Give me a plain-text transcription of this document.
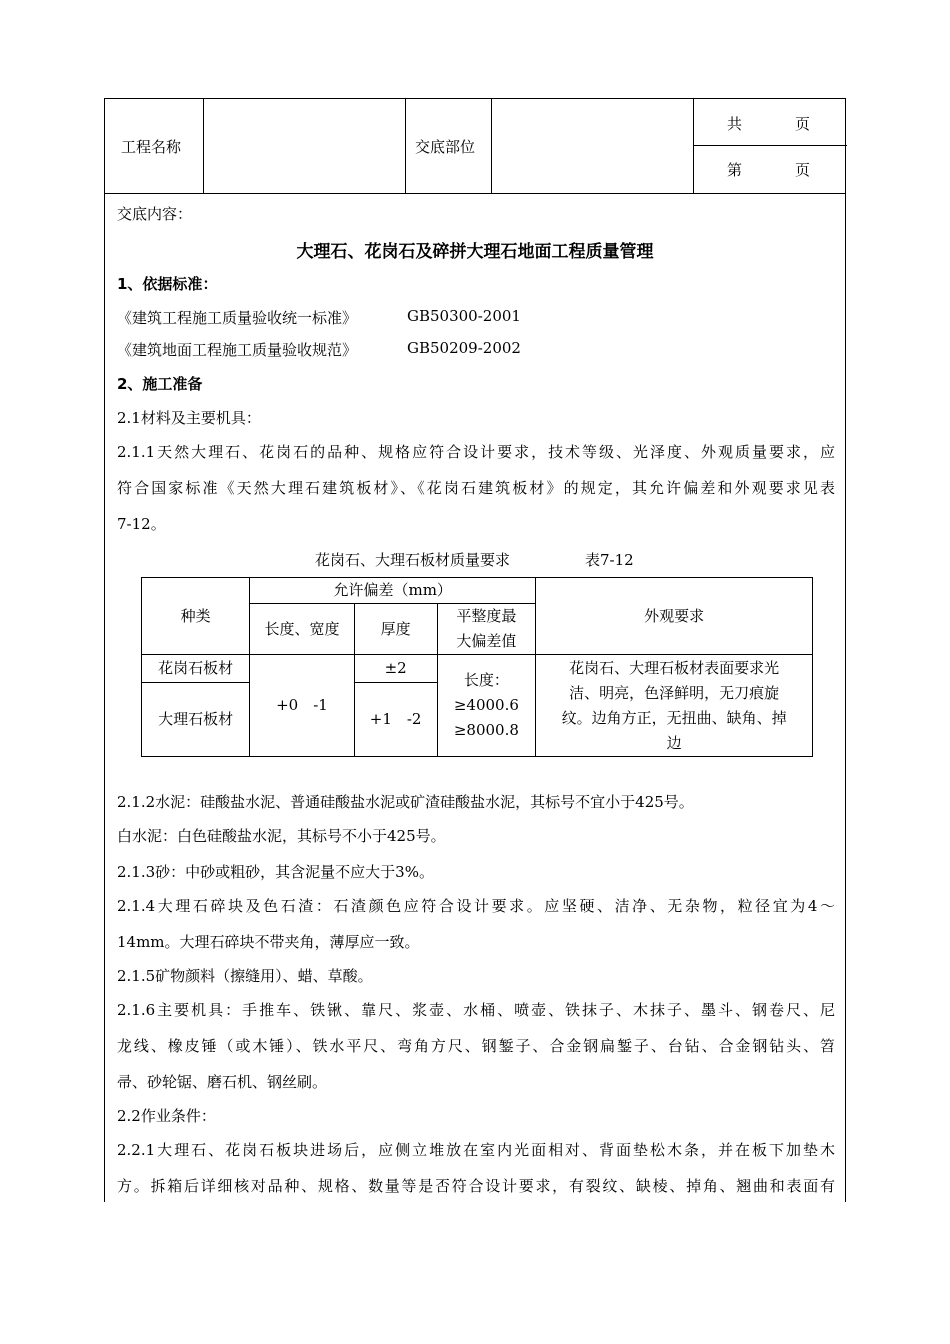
工程名称	交底部位
共	页
第	页
交底内容：
大理石、花岗石及碎拼大理石地面工程质量管理
1、依据标准：
《建筑工程施工质量验收统一标准》	GB50300-2001
《建筑地面工程施工质量验收规范》	GB50209-2002
2、施工准备
2.1材料及主要机具：
2.1.1天然大理石、花岗石的品种、规格应符合设计要求，技术等级、光泽度、外观质量要求，应
符合国家标准《天然大理石建筑板材》、《花岗石建筑板材》的规定，其允许偏差和外观要求见表
7-12。
花岗石、大理石板材质量要求	表7-12
种类	允许偏差（mm）			外观要求
	长度、宽度	厚度	平整度最
大偏差值	
花岗石板材	+0　-1	±2	长度：
≥4000.6
≥8000.8	花岗石、大理石板材表面要求光
洁、明亮，色泽鲜明，无刀痕旋
纹。边角方正，无扭曲、缺角、掉
边
大理石板材		+1　-2		
2.1.2水泥：硅酸盐水泥、普通硅酸盐水泥或矿渣硅酸盐水泥，其标号不宜小于425号。
白水泥：白色硅酸盐水泥，其标号不小于425号。
2.1.3砂：中砂或粗砂，其含泥量不应大于3%。
2.1.4大理石碎块及色石渣：石渣颜色应符合设计要求。应坚硬、洁净、无杂物，粒径宜为4～
14mm。大理石碎块不带夹角，薄厚应一致。
2.1.5矿物颜料（擦缝用）、蜡、草酸。
2.1.6主要机具：手推车、铁锹、靠尺、浆壶、水桶、喷壶、铁抹子、木抹子、墨斗、钢卷尺、尼
龙线、橡皮锤（或木锤）、铁水平尺、弯角方尺、钢錾子、合金钢扁錾子、台钻、合金钢钻头、笤
帚、砂轮锯、磨石机、钢丝刷。
2.2作业条件：
2.2.1大理石、花岗石板块进场后，应侧立堆放在室内光面相对、背面垫松木条，并在板下加垫木
方。拆箱后详细核对品种、规格、数量等是否符合设计要求，有裂纹、缺棱、掉角、翘曲和表面有
